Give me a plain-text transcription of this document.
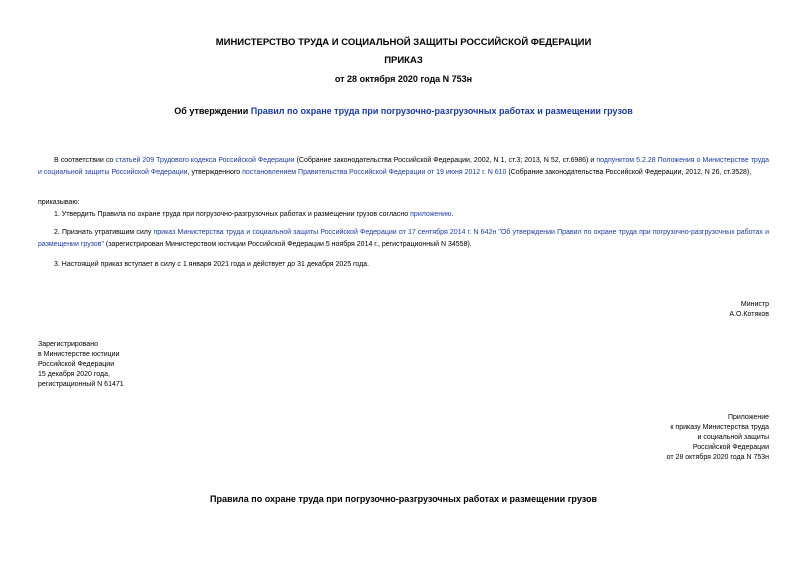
МИНИСТЕРСТВО ТРУДА И СОЦИАЛЬНОЙ ЗАЩИТЫ РОССИЙСКОЙ ФЕДЕРАЦИИ
ПРИКАЗ
от 28 октября 2020 года N 753н
Об утверждении Правил по охране труда при погрузочно-разгрузочных работах и размещении грузов
В соответствии со статьей 209 Трудового кодекса Российской Федерации (Собрание законодательства Российской Федерации, 2002, N 1, ст.3; 2013, N 52, ст.6986) и подпунктом 5.2.28 Положения о Министерстве труда и социальной защиты Российской Федерации, утвержденного постановлением Правительства Российской Федерации от 19 июня 2012 г. N 610 (Собрание законодательства Российской Федерации, 2012, N 26, ст.3528),
приказываю:
1. Утвердить Правила по охране труда при погрузочно-разгрузочных работах и размещении грузов согласно приложению.
2. Признать утратившим силу приказ Министерства труда и социальной защиты Российской Федерации от 17 сентября 2014 г. N 642н "Об утверждении Правил по охране труда при погрузочно-разгрузочных работах и размещении грузов" (зарегистрирован Министерством юстиции Российской Федерации 5 ноября 2014 г., регистрационный N 34558).
3. Настоящий приказ вступает в силу с 1 января 2021 года и действует до 31 декабря 2025 года.
Министр
А.О.Котяков
Зарегистрировано
в Министерстве юстиции
Российской Федерации
15 декабря 2020 года,
регистрационный N 61471
Приложение
к приказу Министерства труда
и социальной защиты
Российской Федерации
от 28 октября 2020 года N 753н
Правила по охране труда при погрузочно-разгрузочных работах и размещении грузов
